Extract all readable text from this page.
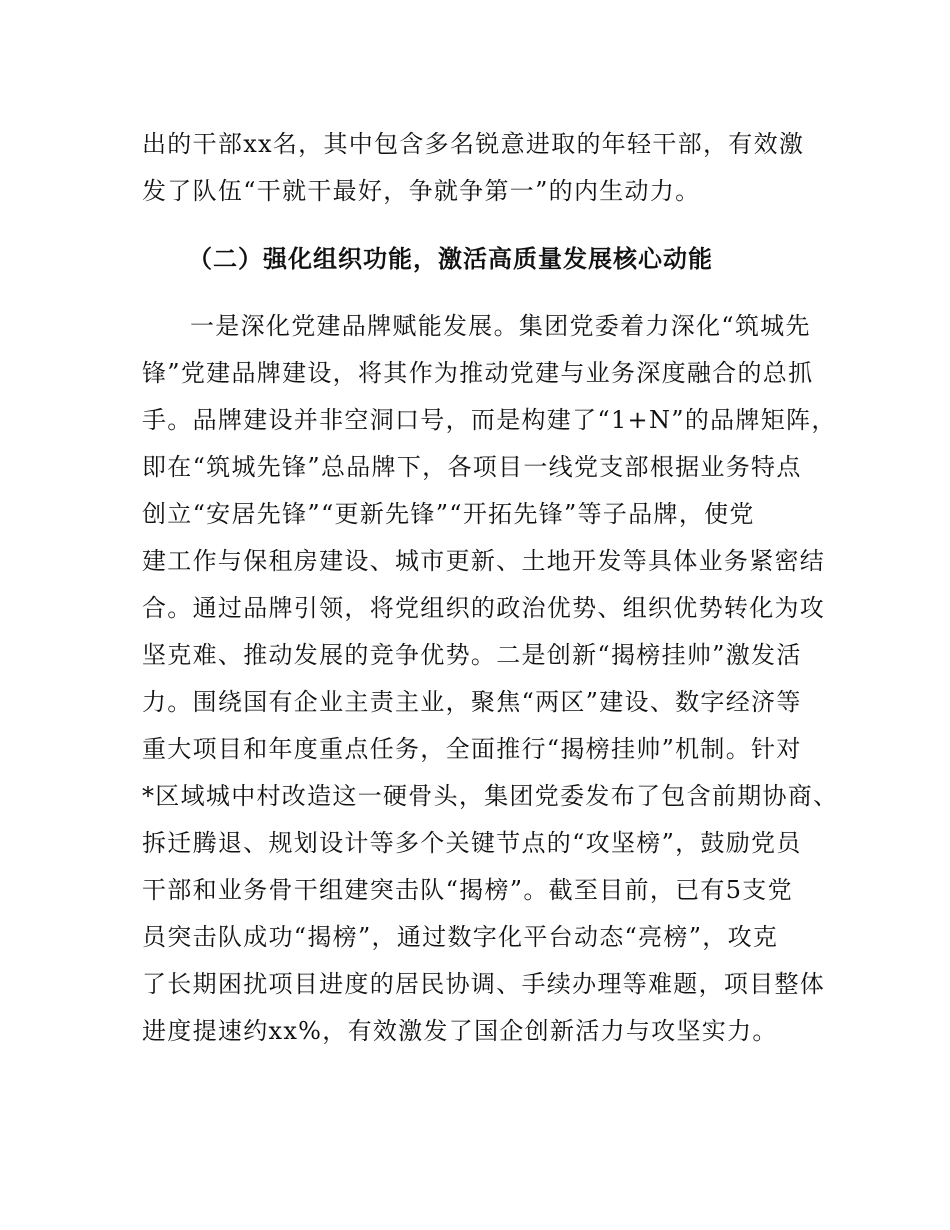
出的干部xx名，其中包含多名锐意进取的年轻干部，有效激
发了队伍“干就干最好，争就争第一”的内生动力。
（二）强化组织功能，激活高质量发展核心动能
一是深化党建品牌赋能发展。集团党委着力深化“筑城先
锋”党建品牌建设，将其作为推动党建与业务深度融合的总抓
手。品牌建设并非空洞口号，而是构建了“1+N”的品牌矩阵，
即在“筑城先锋”总品牌下，各项目一线党支部根据业务特点
创立“安居先锋”“更新先锋”“开拓先锋”等子品牌，使党
建工作与保租房建设、城市更新、土地开发等具体业务紧密结
合。通过品牌引领，将党组织的政治优势、组织优势转化为攻
坚克难、推动发展的竞争优势。二是创新“揭榜挂帅”激发活
力。围绕国有企业主责主业，聚焦“两区”建设、数字经济等
重大项目和年度重点任务，全面推行“揭榜挂帅”机制。针对
*区域城中村改造这一硬骨头，集团党委发布了包含前期协商、
拆迁腾退、规划设计等多个关键节点的“攻坚榜”，鼓励党员
干部和业务骨干组建突击队“揭榜”。截至目前，已有5支党
员突击队成功“揭榜”，通过数字化平台动态“亮榜”，攻克
了长期困扰项目进度的居民协调、手续办理等难题，项目整体
进度提速约xx%，有效激发了国企创新活力与攻坚实力。
